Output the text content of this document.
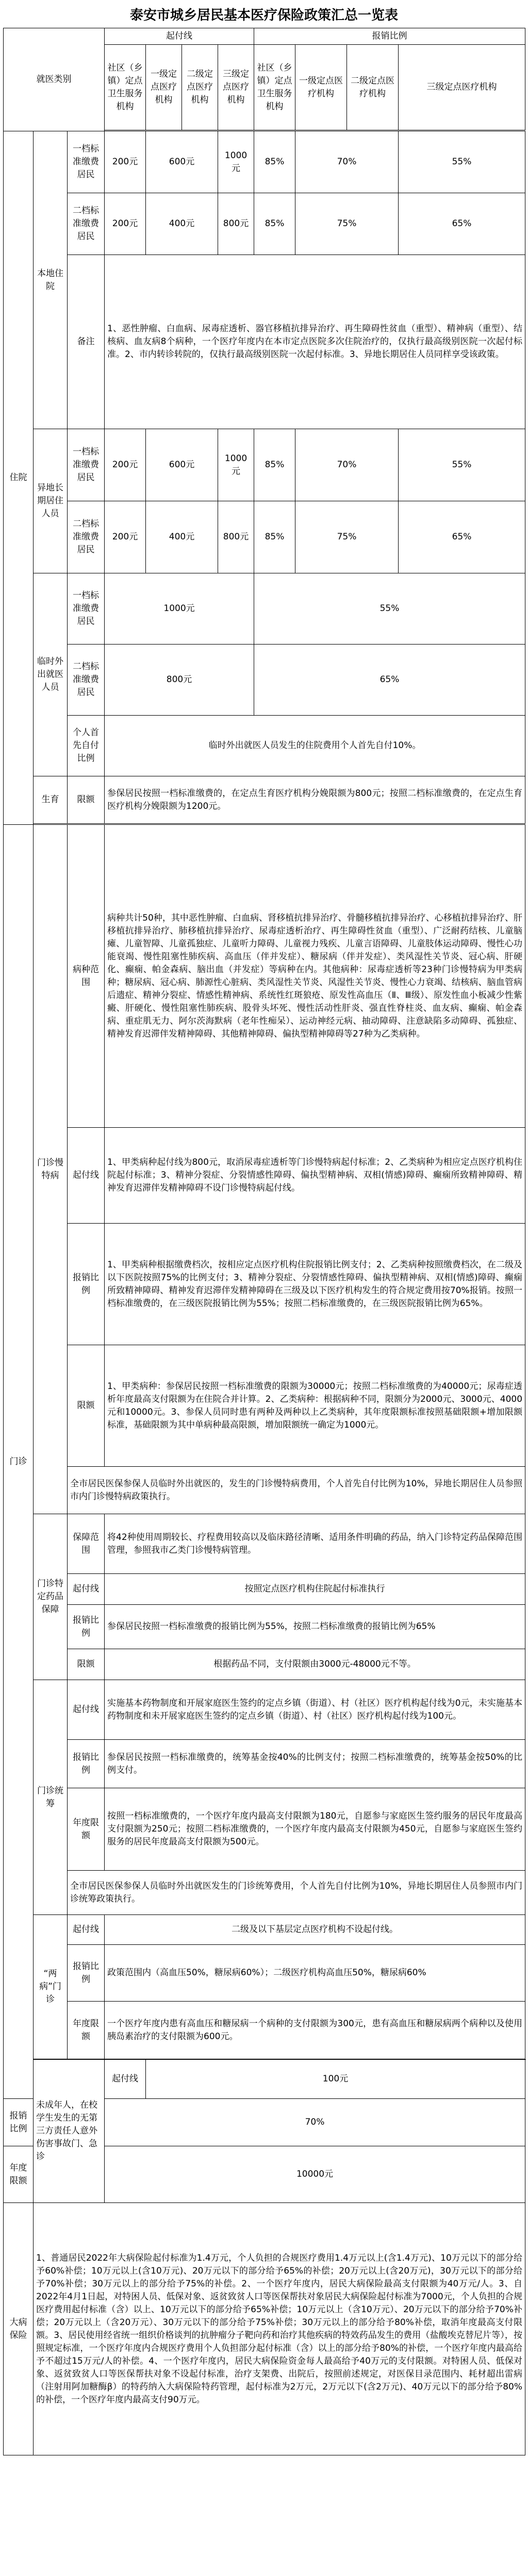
泰安市城乡居民基本医疗保险政策汇总一览表
就医类别			起付线				报销比例			
			社区（乡镇）定点卫生服务机构	一级定点医疗机构	二级定点医疗机构	三级定点医疗机构	社区（乡镇）定点卫生服务机构	一级定点医疗机构	二级定点医疗机构	三级定点医疗机构

住院	本地住院	一档标准缴费居民	200元	600元		1000元	85%	70%		55%
		二档标准缴费居民	200元	400元		800元	85%	75%		65%
		备注	1、恶性肿瘤、白血病、尿毒症透析、器官移植抗排异治疗、再生障碍性贫血（重型）、精神病（重型）、结核病、血友病8个病种，一个医疗年度内在本市定点医院多次住院治疗的，仅执行最高级别医院一次起付标准。2、市内转诊转院的，仅执行最高级别医院一次起付标准。3、异地长期居住人员同样享受该政策。							
	异地长期居住人员	一档标准缴费居民	200元	600元		1000元	85%	70%		55%
		二档标准缴费居民	200元	400元		800元	85%	75%		65%
	临时外出就医人员	一档标准缴费居民	1000元				55%			
		二档标准缴费居民	800元				65%			
		个人首先自付比例	临时外出就医人员发生的住院费用个人首先自付10%。							
	生育	限额	参保居民按照一档标准缴费的，在定点生育医疗机构分娩限额为800元；按照二档标准缴费的，在定点生育医疗机构分娩限额为1200元。							

门诊	门诊慢特病	病种范围	病种共计50种，其中恶性肿瘤、白血病、肾移植抗排异治疗、骨髓移植抗排异治疗、心移植抗排异治疗、肝移植抗排异治疗、肺移植抗排异治疗、尿毒症透析治疗、再生障碍性贫血（重型）、广泛耐药结核、儿童脑瘫、儿童智障、儿童孤独症、儿童听力障碍、儿童视力残疾、儿童言语障碍、儿童肢体运动障碍、慢性心功能衰竭、慢性阻塞性肺疾病、高血压（伴并发症）、糖尿病（伴并发症）、类风湿性关节炎、冠心病、肝硬化、癫痫、帕金森病、脑出血（并发症）等病种在内。其他病种：尿毒症透析等23种门诊慢特病为甲类病种；糖尿病、冠心病、肺源性心脏病、类风湿性关节炎、风湿性关节炎、慢性心力衰竭、结核病、脑血管病后遗症、精神分裂症、情感性精神病、系统性红斑狼疮、原发性高血压（Ⅱ、Ⅲ级）、原发性血小板减少性紫癜、肝硬化、慢性阻塞性肺疾病、股骨头坏死、慢性活动性肝炎、强直性脊柱炎、血友病、癫痫、帕金森病、重症肌无力、阿尔茨海默病（老年性痴呆）、运动神经元病、抽动障碍、注意缺陷多动障碍、孤独症、精神发育迟滞伴发精神障碍、其他精神障碍、偏执型精神障碍等27种为乙类病种。							
		起付线	1、甲类病种起付线为800元，取消尿毒症透析等门诊慢特病起付标准；2、乙类病种为相应定点医疗机构住院起付标准；3、精神分裂症、分裂情感性障碍、偏执型精神病、双相(情感)障碍、癫痫所致精神障碍、精神发育迟滞伴发精神障碍不设门诊慢特病起付线。							
		报销比例	1、甲类病种根据缴费档次，按相应定点医疗机构住院报销比例支付；2、乙类病种按照缴费档次，在二级及以下医院按照75%的比例支付；3、精神分裂症、分裂情感性障碍、偏执型精神病、双相(情感)障碍、癫痫所致精神障碍、精神发育迟滞伴发精神障碍在三级及以下医疗机构发生的符合规定费用按70%报销。按照一档标准缴费的，在三级医院报销比例为55%；按照二档标准缴费的，在三级医院报销比例为65%。							
		限额	1、甲类病种：参保居民按照一档标准缴费的限额为30000元；按照二档标准缴费的为40000元；尿毒症透析年度最高支付限额为在住院合并计算。2、乙类病种：根据病种不同，限额分为2000元、3000元、4000元和10000元。3、参保人员同时患有两种及两种以上乙类病种，其年度限额标准按照基础限额+增加限额标准，基础限额为其中单病种最高限额，增加限额统一确定为1000元。							
		全市居民医保参保人员临时外出就医的，发生的门诊慢特病费用，个人首先自付比例为10%，异地长期居住人员参照市内门诊慢特病政策执行。								
	门诊特定药品保障	保障范围	将42种使用周期较长、疗程费用较高以及临床路径清晰、适用条件明确的药品，纳入门诊特定药品保障范围管理，参照我市乙类门诊慢特病管理。							
		起付线	按照定点医疗机构住院起付标准执行							
		报销比例	参保居民按照一档标准缴费的报销比例为55%，按照二档标准缴费的报销比例为65%							
		限额	根据药品不同，支付限额由3000元-48000元不等。							
	门诊统筹	起付线	实施基本药物制度和开展家庭医生签约的定点乡镇（街道）、村（社区）医疗机构起付线为0元，未实施基本药物制度和未开展家庭医生签约的定点乡镇（街道）、村（社区）医疗机构起付线为100元。							
		报销比例	参保居民按照一档标准缴费的，统筹基金按40%的比例支付；按照二档标准缴费的，统筹基金按50%的比例支付。							
		年度限额	按照一档标准缴费的，一个医疗年度内最高支付限额为180元，自愿参与家庭医生签约服务的居民年度最高支付限额为250元；按照二档标准缴费的，一个医疗年度内最高支付限额为450元，自愿参与家庭医生签约服务的居民年度最高支付限额为500元。							
		全市居民医保参保人员临时外出就医发生的门诊统筹费用，个人首先自付比例为10%，异地长期居住人员参照市内门诊统筹政策执行。								
	“两病”门诊	起付线	二级及以下基层定点医疗机构不设起付线。							
		报销比例	政策范围内（高血压50%，糖尿病60%）；二级医疗机构高血压50%，糖尿病60%							
		年度限额	一个医疗年度内患有高血压和糖尿病一个病种的支付限额为300元，患有高血压和糖尿病两个病种以及使用胰岛素治疗的支付限额为600元。							

	未成年人，在校学生发生的无第三方责任人意外伤害事故门、急诊		起付线	100元						
报销比例			70%							
年度限额			10000元							
大病保险	1、普通居民2022年大病保险起付标准为1.4万元，个人负担的合规医疗费用1.4万元以上(含1.4万元)、10万元以下的部分给予60%补偿；10万元以上(含10万元)、20万元以下的部分给予65%的补偿；20万元以上(含20万元)，30万元以下的部分给予70%补偿；30万元以上的部分给予75%的补偿。2、一个医疗年度内，居民大病保险最高支付限额为40万元/人。3、自2022年4月1日起，对特困人员、低保对象、返贫致贫人口等医保帮扶对象居民大病保险起付标准为7000元，个人负担的合规医疗费用起付标准（含）以上、10万元以下的部分给予65%补偿；10万元以上（含10万元）、20万元以下的部分给予70%补偿；20万元以上（含20万元）、30万元以下的部分给予75%补偿；30万元以上的部分给予80%补偿，取消年度最高支付限额。3、居民使用经省统一组织价格谈判的抗肿瘤分子靶向药和治疗其他疾病的特效药品发生的费用（盐酸埃克替尼片等），按照规定标准，一个医疗年度内合规医疗费用个人负担部分起付标准（含）以上的部分给予80%的补偿，一个医疗年度内最高给予不超过15万元/人的补偿。4、一个医疗年度内，居民大病保险资金每人最高给予40万元的支付限额。对特困人员、低保对象、返贫致贫人口等医保帮扶对象不设起付标准，治疗支架费、出院后，按照前述规定，对医保目录范围内、耗材超出雷病（注射用阿加糖酶β）的特药纳入大病保险特药管理，起付标准为2万元，2万元以下(含2万元)、40万元以下的部分给予80%的补偿，一个医疗年度内最高支付90万元。									
